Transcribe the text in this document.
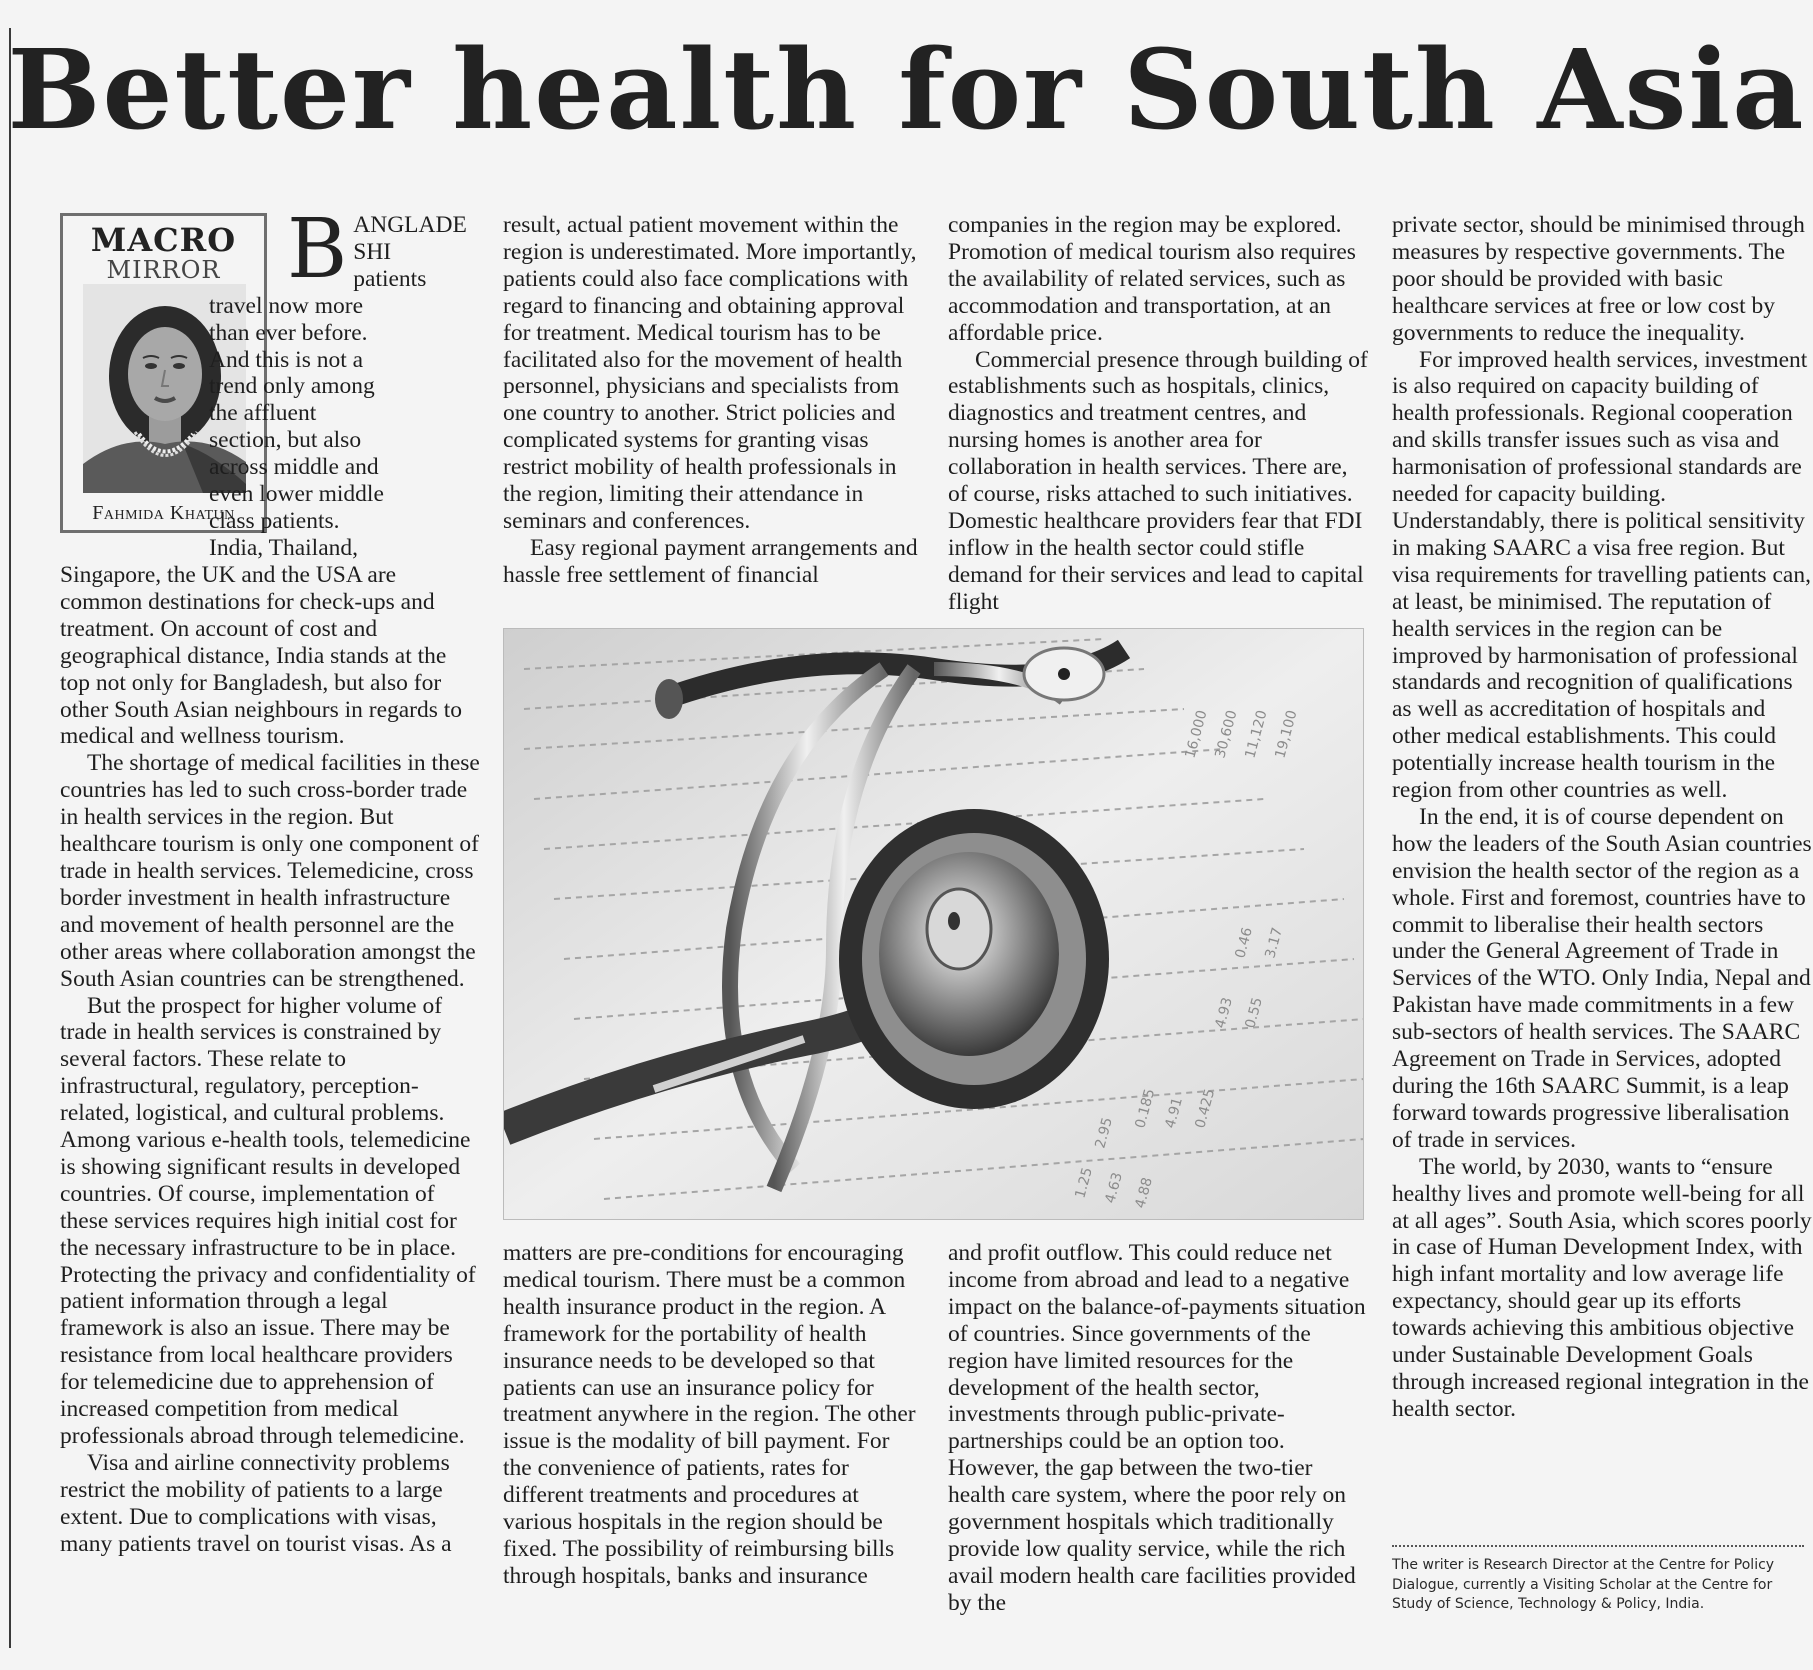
Better health for South Asia
MACRO
MIRROR
Fahmida Khatun
B ANGLADE
SHI
patients
travel now more
than ever before.
And this is not a
trend only among
the affluent
section, but also
across middle and
even lower middle
class patients.
India, Thailand,

Singapore, the UK and the USA are common destinations for check-ups and treatment. On account of cost and geographical distance, India stands at the top not only for Bangladesh, but also for other South Asian neighbours in regards to medical and wellness tourism.

The shortage of medical facilities in these countries has led to such cross-border trade in health services in the region. But healthcare tourism is only one component of trade in health services. Telemedicine, cross border investment in health infrastructure and movement of health personnel are the other areas where collaboration amongst the South Asian countries can be strengthened.

But the prospect for higher volume of trade in health services is constrained by several factors. These relate to infrastructural, regulatory, perception-related, logistical, and cultural problems. Among various e-health tools, telemedicine is showing significant results in developed countries. Of course, implementation of these services requires high initial cost for the necessary infrastructure to be in place. Protecting the privacy and confidentiality of patient information through a legal framework is also an issue. There may be resistance from local healthcare providers for telemedicine due to apprehension of increased competition from medical professionals abroad through telemedicine.

Visa and airline connectivity problems restrict the mobility of patients to a large extent. Due to complications with visas, many patients travel on tourist visas. As a

result, actual patient movement within the region is underestimated. More importantly, patients could also face complications with regard to financing and obtaining approval for treatment. Medical tourism has to be facilitated also for the movement of health personnel, physicians and specialists from one country to another. Strict policies and complicated systems for granting visas restrict mobility of health professionals in the region, limiting their attendance in seminars and conferences.

Easy regional payment arrangements and hassle free settlement of financial

matters are pre-conditions for encouraging medical tourism. There must be a common health insurance product in the region. A framework for the portability of health insurance needs to be developed so that patients can use an insurance policy for treatment anywhere in the region. The other issue is the modality of bill payment. For the convenience of patients, rates for different treatments and procedures at various hospitals in the region should be fixed. The possibility of reimbursing bills through hospitals, banks and insurance

companies in the region may be explored. Promotion of medical tourism also requires the availability of related services, such as accommodation and transportation, at an affordable price.

Commercial presence through building of establishments such as hospitals, clinics, diagnostics and treatment centres, and nursing homes is another area for collaboration in health services. There are, of course, risks attached to such initiatives. Domestic healthcare providers fear that FDI inflow in the health sector could stifle demand for their services and lead to capital flight

and profit outflow. This could reduce net income from abroad and lead to a negative impact on the balance-of-payments situation of countries. Since governments of the region have limited resources for the development of the health sector, investments through public-private-partnerships could be an option too. However, the gap between the two-tier health care system, where the poor rely on government hospitals which traditionally provide low quality service, while the rich avail modern health care facilities provided by the

private sector, should be minimised through measures by respective governments. The poor should be provided with basic healthcare services at free or low cost by governments to reduce the inequality.

For improved health services, investment is also required on capacity building of health professionals. Regional cooperation and skills transfer issues such as visa and harmonisation of professional standards are needed for capacity building. Understandably, there is political sensitivity in making SAARC a visa free region. But visa requirements for travelling patients can, at least, be minimised. The reputation of health services in the region can be improved by harmonisation of professional standards and recognition of qualifications as well as accreditation of hospitals and other medical establishments. This could potentially increase health tourism in the region from other countries as well.

In the end, it is of course dependent on how the leaders of the South Asian countries envision the health sector of the region as a whole. First and foremost, countries have to commit to liberalise their health sectors under the General Agreement of Trade in Services of the WTO. Only India, Nepal and Pakistan have made commitments in a few sub-sectors of health services. The SAARC Agreement on Trade in Services, adopted during the 16th SAARC Summit, is a leap forward towards progressive liberalisation of trade in services.

The world, by 2030, wants to “ensure healthy lives and promote well-being for all at all ages”. South Asia, which scores poorly in case of Human Development Index, with high infant mortality and low average life expectancy, should gear up its efforts towards achieving this ambitious objective under Sustainable Development Goals through increased regional integration in the health sector.

16,000 30,600 11,120 19,100
0.46 3.17
4.93 0.55
0.185 4.91 0.425
2.95
1.25 4.63 4.88
The writer is Research Director at the Centre for Policy Dialogue, currently a Visiting Scholar at the Centre for Study of Science, Technology & Policy, India.
